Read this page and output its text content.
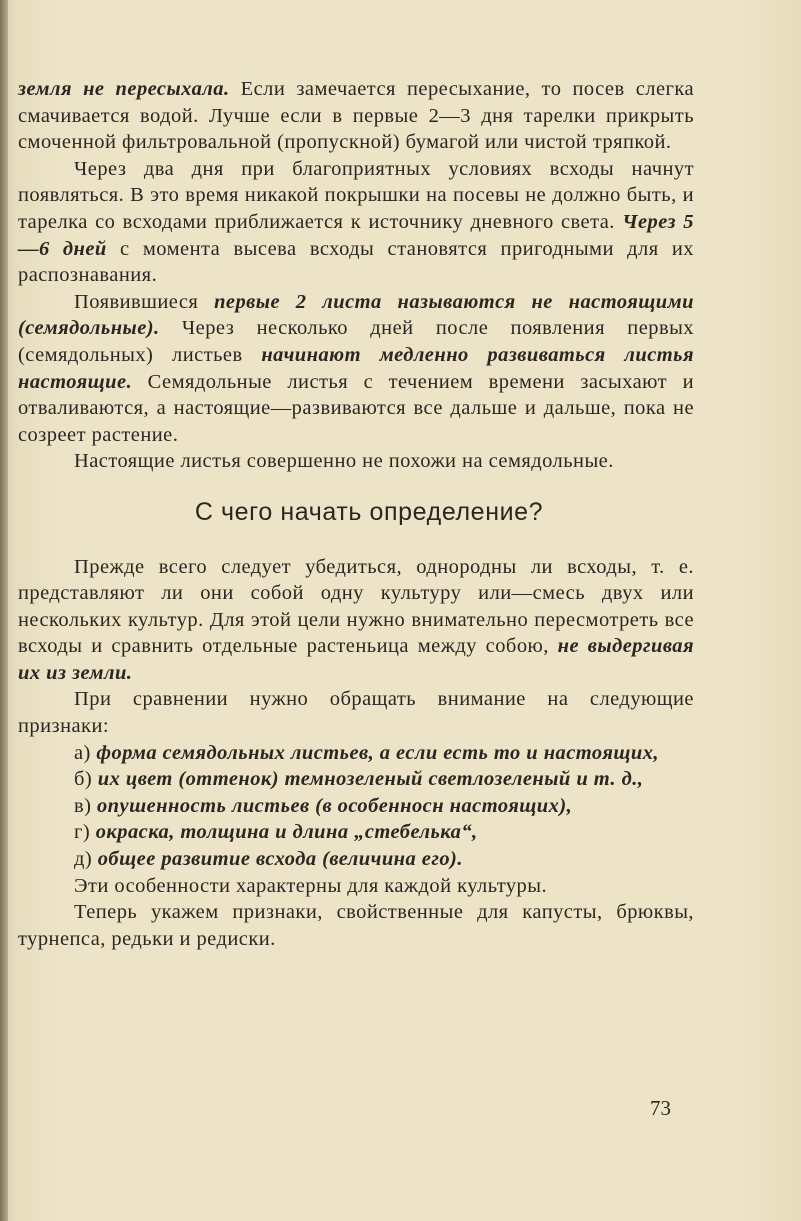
земля не пересыхала. Если замечается пересыхание, то посев слегка смачивается водой. Лучше если в первые 2—3 дня тарелки прикрыть смоченной фильтровальной (пропускной) бумагой или чистой тряпкой.

Через два дня при благоприятных условиях всходы начнут появляться. В это время никакой покрышки на посевы не должно быть, и тарелка со всходами приближается к источнику дневного света. Через 5—6 дней с момента высева всходы становятся пригодными для их распознавания.

Появившиеся первые 2 листа называются не настоящими (семядольные). Через несколько дней после появления первых (семядольных) листьев начинают медленно развиваться листья настоящие. Семядольные листья с течением времени засыхают и отваливаются, а настоящие—развиваются все дальше и дальше, пока не созреет растение.

Настоящие листья совершенно не похожи на семядольные.

С чего начать определение?

Прежде всего следует убедиться, однородны ли всходы, т. е. представляют ли они собой одну культуру или—смесь двух или нескольких культур. Для этой цели нужно внимательно пересмотреть все всходы и сравнить отдельные растеньица между собою, не выдергивая их из земли.

При сравнении нужно обращать внимание на следующие признаки:

а) форма семядольных листьев, а если есть то и настоящих,

б) их цвет (оттенок) темнозеленый светлозеленый и т. д.,

в) опушенность листьев (в особенносн настоящих),

г) окраска, толщина и длина „стебелька“,

д) общее развитие всхода (величина его).

Эти особенности характерны для каждой культуры.

Теперь укажем признаки, свойственные для капусты, брюквы, турнепса, редьки и редиски.

73
